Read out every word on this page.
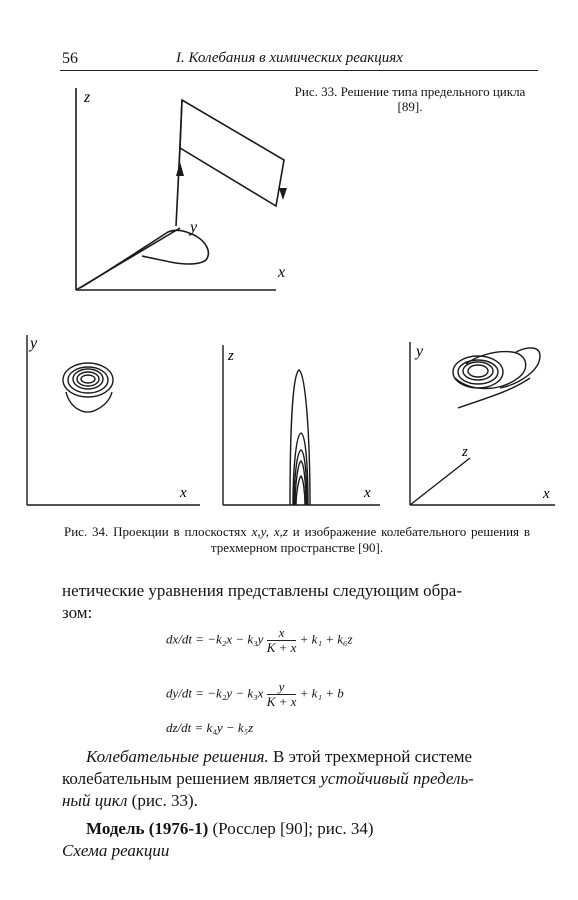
56	I. Колебания в химических реакциях
z
y
x
y
x
z
x
y
z
x
Рис. 33. Решение типа предельного цикла [89].
Рис. 34. Проекции в плоскостях x,y, x,z и изображение колебательного решения в трехмерном пространстве [90].
нетические уравнения представлены следующим обра-
зом:
$dx/dt = -k_2x - k_3y \frac{x}{K + x} + k_1 + k_6z$
$dy/dt = -k_2y - k_3x \frac{y}{K + x} + k_1 + b$
dz/dt = k₄y − k₅z
Колебательные решения. В этой трехмерной системе
колебательным решением является устойчивый предель-
ный цикл (рис. 33).
Модель (1976-1) (Росслер [90]; рис. 34)
Схема реакции
